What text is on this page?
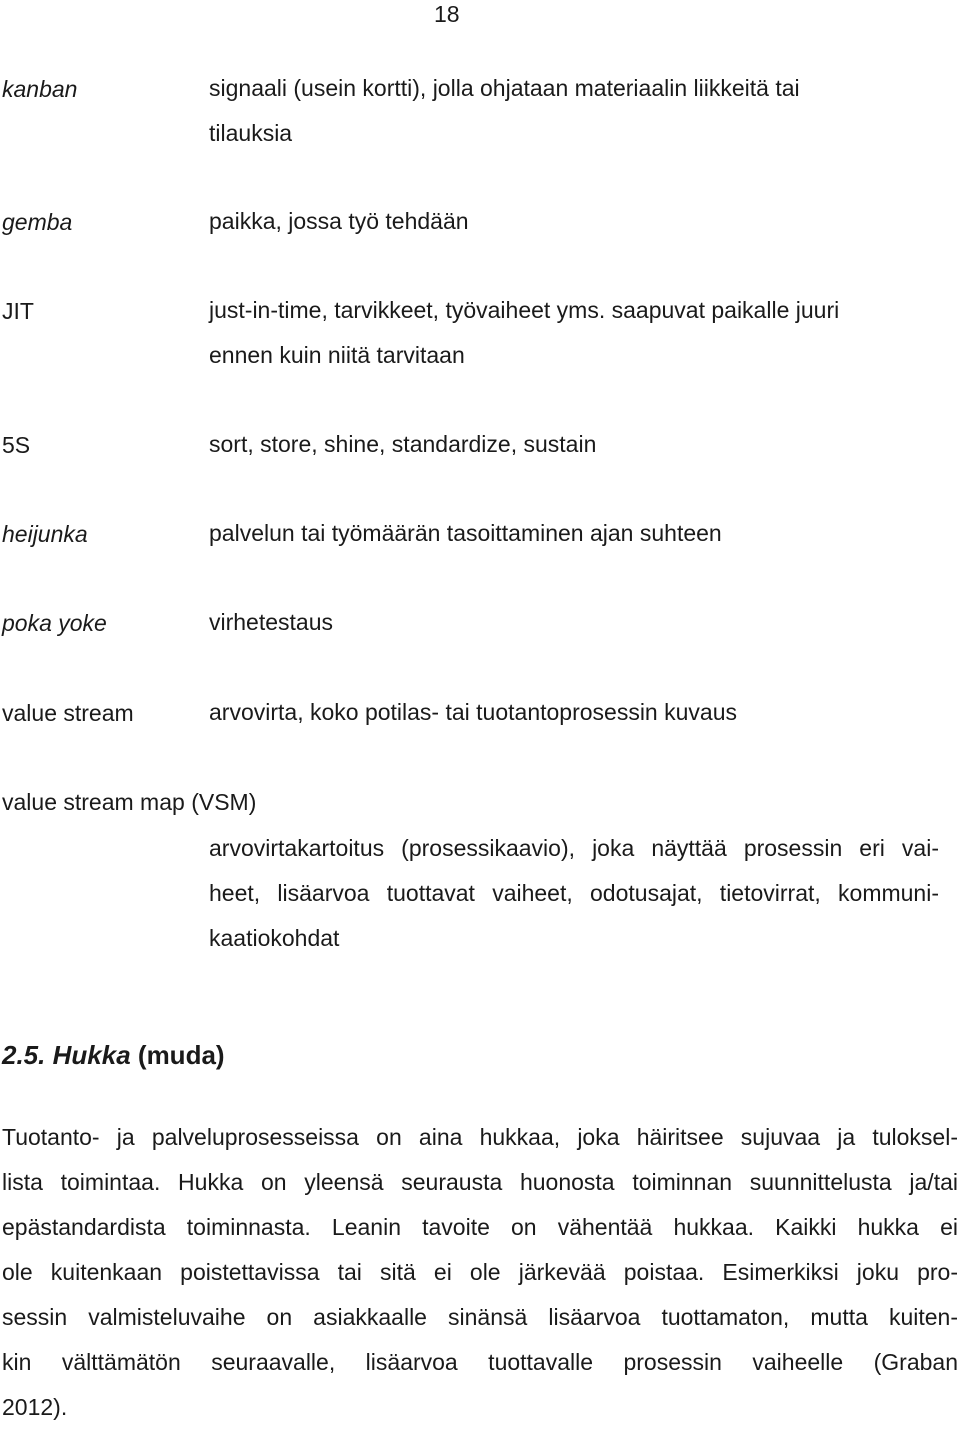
18
kanban	signaali (usein kortti), jolla ohjataan materiaalin liikkeitä tai
tilauksia
gemba	paikka, jossa työ tehdään
JIT	just-in-time, tarvikkeet, työvaiheet yms. saapuvat paikalle juuri
ennen kuin niitä tarvitaan
5S	sort, store, shine, standardize, sustain
heijunka	palvelun tai työmäärän tasoittaminen ajan suhteen
poka yoke	virhetestaus
value stream	arvovirta, koko potilas- tai tuotantoprosessin kuvaus
value stream map (VSM)
arvovirtakartoitus (prosessikaavio), joka näyttää prosessin eri vai-
heet, lisäarvoa tuottavat vaiheet, odotusajat, tietovirrat, kommuni-
kaatiokohdat
2.5. Hukka (muda)
Tuotanto- ja palveluprosesseissa on aina hukkaa, joka häiritsee sujuvaa ja tuloksel-
lista toimintaa. Hukka on yleensä seurausta huonosta toiminnan suunnittelusta ja/tai
epästandardista toiminnasta. Leanin tavoite on vähentää hukkaa. Kaikki hukka ei
ole kuitenkaan poistettavissa tai sitä ei ole järkevää poistaa. Esimerkiksi joku pro-
sessin valmisteluvaihe on asiakkaalle sinänsä lisäarvoa tuottamaton, mutta kuiten-
kin välttämätön seuraavalle, lisäarvoa tuottavalle prosessin vaiheelle (Graban
2012).
